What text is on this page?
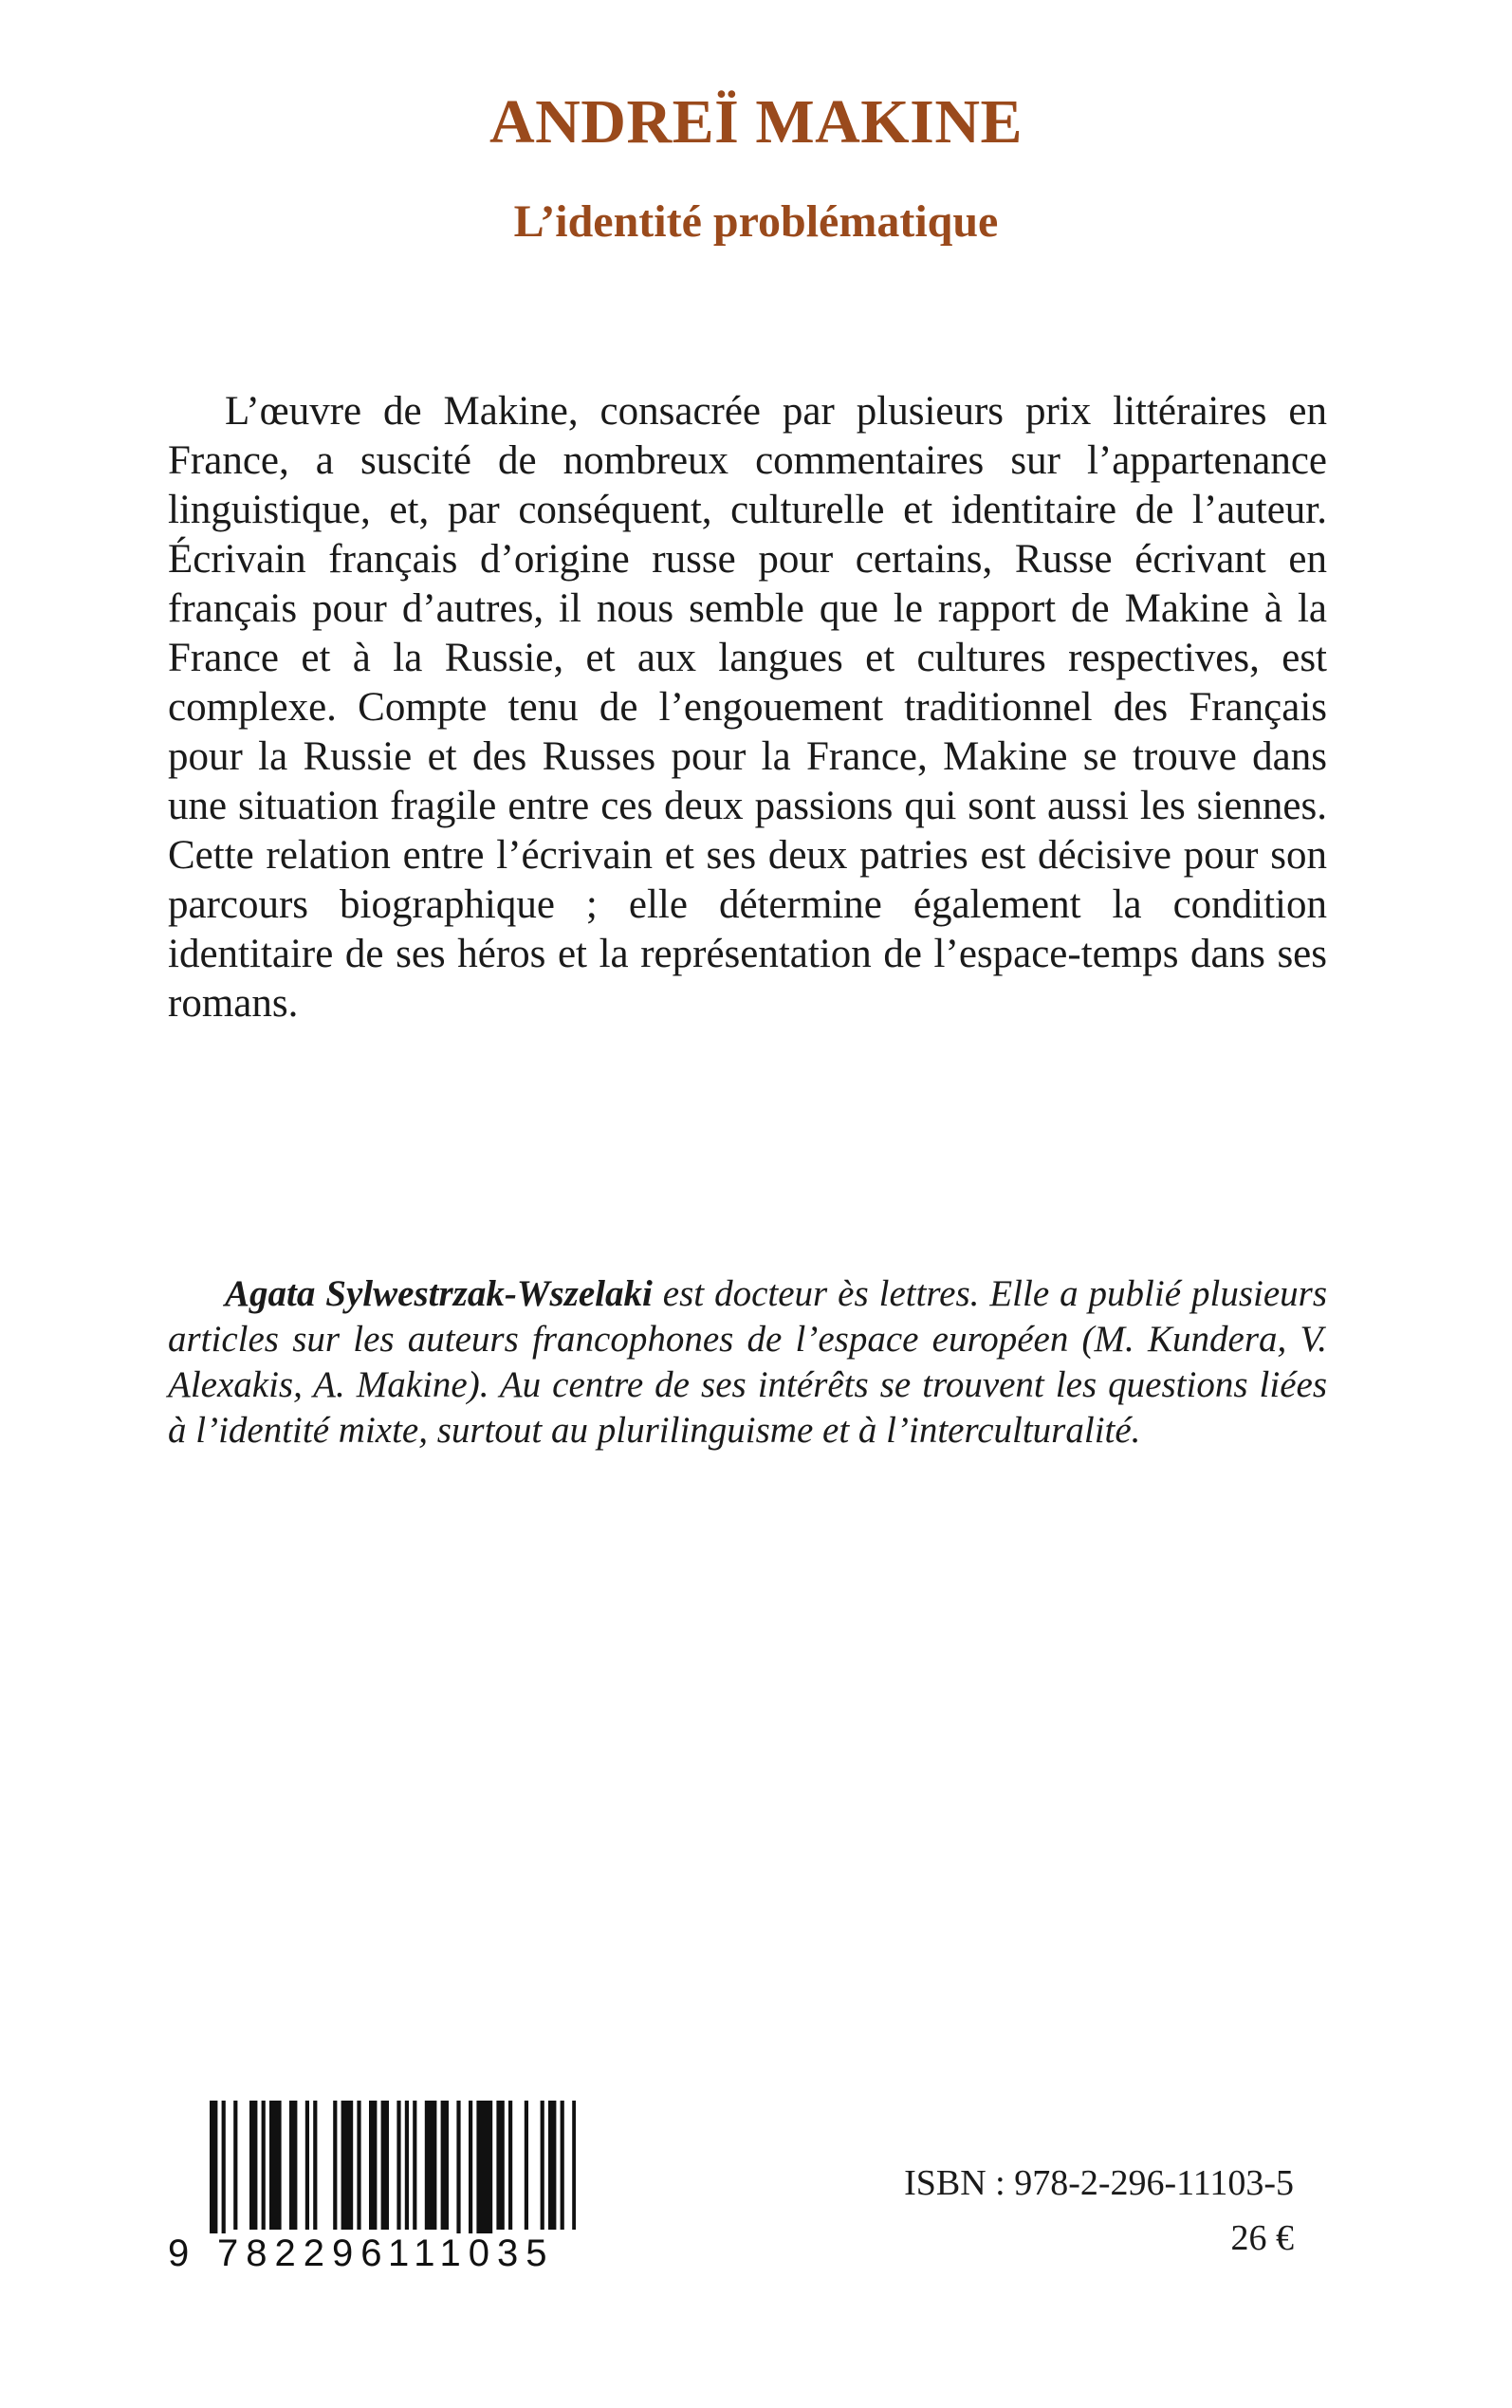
ANDREÏ MAKINE
L’identité problématique

L’œuvre de Makine, consacrée par plusieurs prix littéraires en France, a suscité de nombreux commentaires sur l’appartenance linguistique, et, par conséquent, culturelle et identitaire de l’auteur. Écrivain français d’origine russe pour certains, Russe écrivant en français pour d’autres, il nous semble que le rapport de Makine à la France et à la Russie, et aux langues et cultures respectives, est complexe. Compte tenu de l’engouement traditionnel des Français pour la Russie et des Russes pour la France, Makine se trouve dans une situation fragile entre ces deux passions qui sont aussi les siennes. Cette relation entre l’écrivain et ses deux patries est décisive pour son parcours biographique ; elle détermine également la condition identitaire de ses héros et la représentation de l’espace-temps dans ses romans.

Agata Sylwestrzak-Wszelaki est docteur ès lettres. Elle a publié plusieurs articles sur les auteurs francophones de l’espace européen (M. Kundera, V. Alexakis, A. Makine). Au centre de ses intérêts se trouvent les questions liées à l’identité mixte, surtout au plurilinguisme et à l’interculturalité.

9 782296
111035
ISBN : 978-2-296-11103-5
26 €
